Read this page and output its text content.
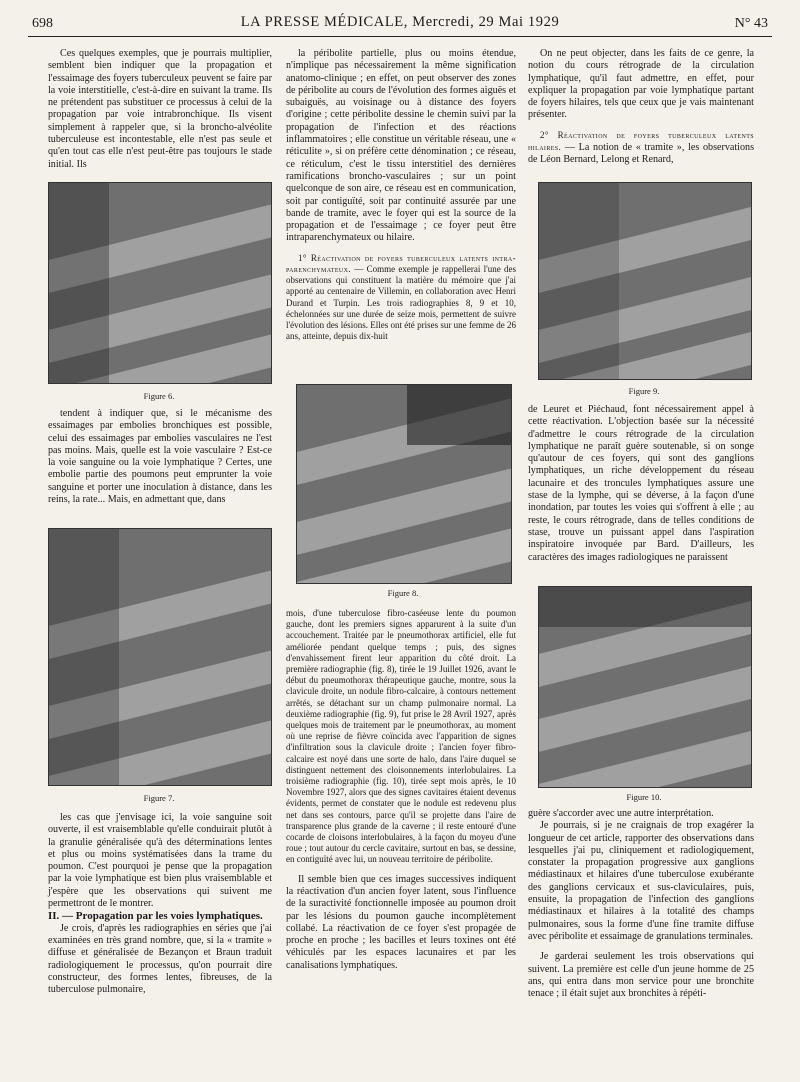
698	LA PRESSE MÉDICALE, Mercredi, 29 Mai 1929	N° 43

Ces quelques exemples, que je pourrais multiplier, semblent bien indiquer que la propagation et l'essaimage des foyers tuberculeux peuvent se faire par la voie interstitielle, c'est-à-dire en suivant la trame. Ils ne prétendent pas substituer ce processus à celui de la propagation par voie intrabronchique. Ils visent simplement à rappeler que, si la broncho-alvéolite tuberculeuse est incontestable, elle n'est pas seule et qu'en tout cas elle n'est peut-être pas toujours le stade initial. Ils

Figure 6.

tendent à indiquer que, si le mécanisme des essaimages par embolies bronchiques est possible, celui des essaimages par embolies vasculaires ne l'est pas moins. Mais, quelle est la voie vasculaire ? Est-ce la voie sanguine ou la voie lymphatique ? Certes, une embolie partie des poumons peut emprunter la voie sanguine et porter une inoculation à distance, dans les reins, la rate... Mais, en admettant que, dans

Figure 7.

les cas que j'envisage ici, la voie sanguine soit ouverte, il est vraisemblable qu'elle conduirait plutôt à la granulie généralisée qu'à des déterminations lentes et plus ou moins systématisées dans la trame du poumon. C'est pourquoi je pense que la propagation par la voie lymphatique est bien plus vraisemblable et j'espère que les observations qui suivent me permettront de le montrer.

II. — Propagation par les voies lymphatiques.

Je crois, d'après les radiographies en séries que j'ai examinées en très grand nombre, que, si la « tramite » diffuse et généralisée de Bezançon et Braun traduit radiologiquement le processus, qu'on pourrait dire constructeur, des formes lentes, fibreuses, de la tuberculose pulmonaire,

la péribolite partielle, plus ou moins étendue, n'implique pas nécessairement la même signification anatomo-clinique ; en effet, on peut observer des zones de péribolite au cours de l'évolution des formes aiguës et subaiguës, au voisinage ou à distance des foyers d'origine ; cette péribolite dessine le chemin suivi par la propagation de l'infection et des réactions inflammatoires ; elle constitue un véritable réseau, une « réticulite », si on préfère cette dénomination ; ce réseau, ce réticulum, c'est le tissu interstitiel des dernières ramifications broncho-vasculaires ; sur un point quelconque de son aire, ce réseau est en communication, soit par contiguïté, soit par continuité assurée par une bande de tramite, avec le foyer qui est la source de la propagation et de l'essaimage ; ce foyer peut être intraparenchymateux ou hilaire.

1° Réactivation de foyers tuberculeux latents intra-parenchymateux. — Comme exemple je rappellerai l'une des observations qui constituent la matière du mémoire que j'ai apporté au centenaire de Villemin, en collaboration avec Henri Durand et Turpin. Les trois radiographies 8, 9 et 10, échelonnées sur une durée de seize mois, permettent de suivre l'évolution des lésions. Elles ont été prises sur une femme de 26 ans, atteinte, depuis dix-huit

Figure 8.

mois, d'une tuberculose fibro-caséeuse lente du poumon gauche, dont les premiers signes apparurent à la suite d'un accouchement. Traitée par le pneumothorax artificiel, elle fut améliorée pendant quelque temps ; puis, des signes d'envahissement firent leur apparition du côté droit. La première radiographie (fig. 8), tirée le 19 Juillet 1926, avant le début du pneumothorax thérapeutique gauche, montre, sous la clavicule droite, un nodule fibro-calcaire, à contours nettement arrêtés, se détachant sur un champ pulmonaire normal. La deuxième radiographie (fig. 9), fut prise le 28 Avril 1927, après quelques mois de traitement par le pneumothorax, au moment où une reprise de fièvre coïncida avec l'apparition de signes d'infiltration sous la clavicule droite ; l'ancien foyer fibro-calcaire est noyé dans une sorte de halo, dans l'aire duquel se distinguent nettement des cloisonnements interlobulaires. La troisième radiographie (fig. 10), tirée sept mois après, le 10 Novembre 1927, alors que des signes cavitaires étaient devenus évidents, permet de constater que le nodule est redevenu plus net dans ses contours, parce qu'il se projette dans l'aire de transparence plus grande de la caverne ; il reste entouré d'une cocarde de cloisons interlobulaires, à la façon du moyeu d'une roue ; tout autour du cercle cavitaire, surtout en bas, se dessine, en contiguïté avec lui, un nouveau territoire de péribolite.

Il semble bien que ces images successives indiquent la réactivation d'un ancien foyer latent, sous l'influence de la suractivité fonctionnelle imposée au poumon droit par les lésions du poumon gauche incomplètement collabé. La réactivation de ce foyer s'est propagée de proche en proche ; les bacilles et leurs toxines ont été véhiculés par les espaces lacunaires et par les canalisations lymphatiques.

On ne peut objecter, dans les faits de ce genre, la notion du cours rétrograde de la circulation lymphatique, qu'il faut admettre, en effet, pour expliquer la propagation par voie lymphatique partant de foyers hilaires, tels que ceux que je vais maintenant présenter.

2° Réactivation de foyers tuberculeux latents hilaires. — La notion de « tramite », les observations de Léon Bernard, Lelong et Renard,

Figure 9.

de Leuret et Piéchaud, font nécessairement appel à cette réactivation. L'objection basée sur la nécessité d'admettre le cours rétrograde de la circulation lymphatique ne paraît guère soutenable, si on songe qu'autour de ces foyers, qui sont des ganglions lymphatiques, un riche développement du réseau lacunaire et des troncules lymphatiques assure une stase de la lymphe, qui se déverse, à la façon d'une inondation, par toutes les voies qui s'offrent à elle ; au reste, le cours rétrograde, dans de telles conditions de stase, trouve un puissant appel dans l'aspiration inspiratoire invoquée par Bard. D'ailleurs, les caractères des images radiologiques ne paraissent

Figure 10.

guère s'accorder avec une autre interprétation.

Je pourrais, si je ne craignais de trop exagérer la longueur de cet article, rapporter des observations dans lesquelles j'ai pu, cliniquement et radiologiquement, constater la propagation progressive aux ganglions médiastinaux et hilaires d'une tuberculose exubérante des ganglions cervicaux et sus-claviculaires, puis, ensuite, la propagation de l'infection des ganglions médiastinaux et hilaires à la totalité des champs pulmonaires, sous la forme d'une fine tramite diffuse avec péribolite et essaimage de granulations terminales.

Je garderai seulement les trois observations qui suivent. La première est celle d'un jeune homme de 25 ans, qui entra dans mon service pour une bronchite tenace ; il était sujet aux bronchites à répéti-
